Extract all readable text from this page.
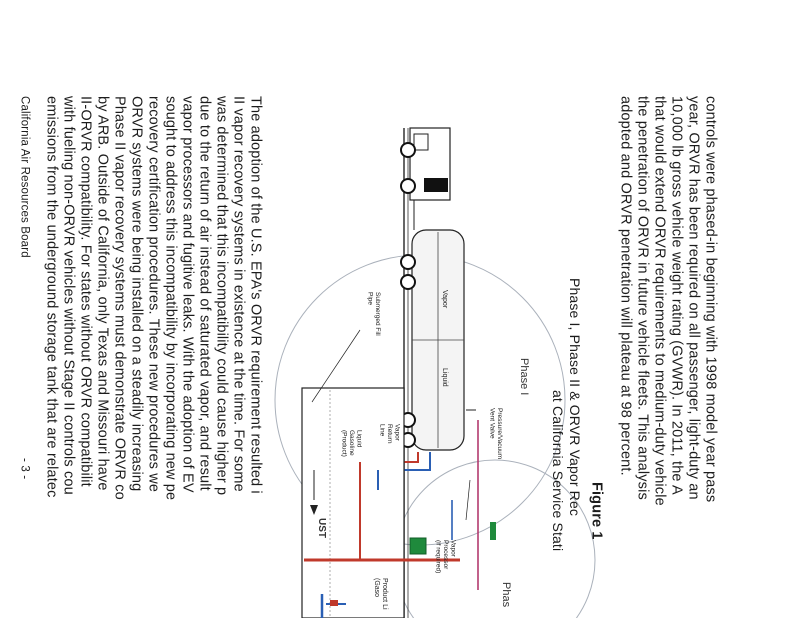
controls were phased-in beginning with 1998 model year pass
year, ORVR has been required on all passenger, light-duty an
10,000 lb gross vehicle weight rating (GVWR). In 2011, the A
that would extend ORVR requirements to medium-duty vehicle
the penetration of ORVR in future vehicle fleets. This analysis
adopted and ORVR penetration will plateau at 98 percent.
Figure 1
Phase I, Phase II & ORVR Vapor Rec
at California Service Stati
Phase I
Phas
Pressure/Vacuum
Vent Valve
Vapor
Liquid
Vapor
Return
Line
Submerged Fill
Pipe
Liquid
Gasoline
(Product)
UST
Vapor
Processor
(if required)
Product Li
(Gaso
The adoption of the U.S. EPA's ORVR requirement resulted i
II vapor recovery systems in existence at the time. For some
was determined that this incompatibility could cause higher p
due to the return of air instead of saturated vapor, and result
vapor processors and fugitive leaks. With the adoption of EV
sought to address this incompatibility by incorporating new pe
recovery certification procedures. These new procedures we
ORVR systems were being installed on a steadily increasing
Phase II vapor recovery systems must demonstrate ORVR co
by ARB. Outside of California, only Texas and Missouri have
II-ORVR compatibility. For states without ORVR compatibilit
with fueling non-ORVR vehicles without Stage II controls cou
emissions from the underground storage tank that are relatec
California Air Resources Board
- 3 -
